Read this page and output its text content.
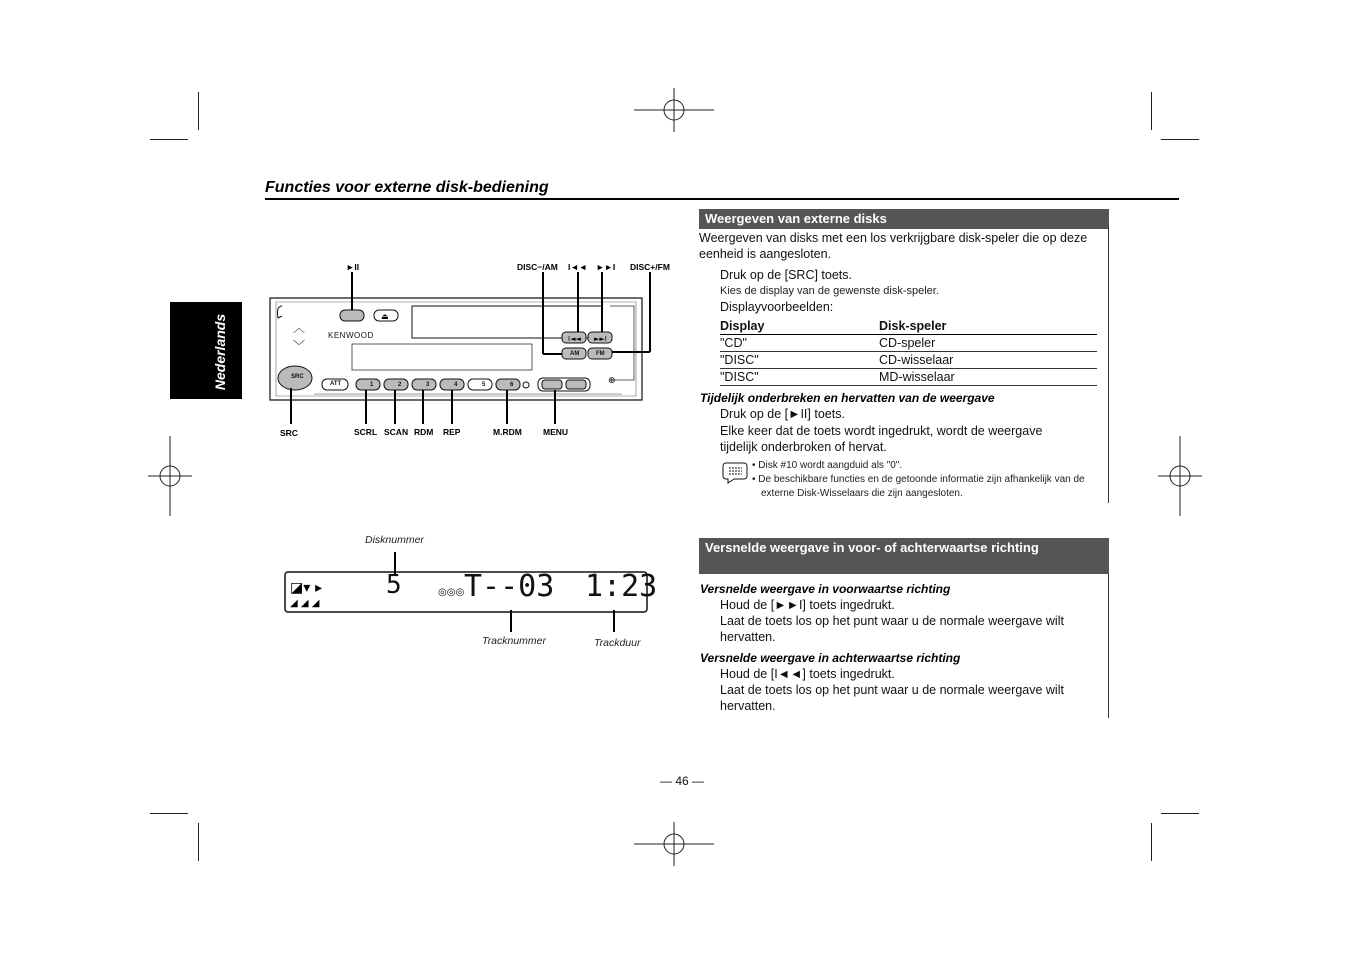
Functies voor externe disk-bediening
Nederlands
►II	DISC−/AM I◄◄ ►►I DISC+/FM
︿
﹀
⏏
I◄◄ ►►I
⊕
KENWOOD
SRC
ATT
AM	FM
1	2	3	4	5	6
SRC	SCRL SCAN RDM REP	M.RDM MENU
Disknummer
◪▾ ▸
◢ ◢ ◢
◎◎◎
5 T--03 1:23
Tracknummer	Trackduur
Weergeven van externe disks
Weergeven van disks met een los verkrijgbare disk-speler die op deze eenheid is aangesloten.
Druk op de [SRC] toets.
Kies de display van de gewenste disk-speler.
Displayvoorbeelden:
Display	Disk-speler
"CD"	CD-speler
"DISC"	CD-wisselaar
"DISC"	MD-wisselaar
Tijdelijk onderbreken en hervatten van de weergave
Druk op de [►II] toets.
Elke keer dat de toets wordt ingedrukt, wordt de weergave tijdelijk onderbroken of hervat.
• Disk #10 wordt aangduid als "0".
• De beschikbare functies en de getoonde informatie zijn afhankelijk van de externe Disk-Wisselaars die zijn aangesloten.
Versnelde weergave in voor- of achterwaartse richting
Versnelde weergave in voorwaartse richting
Houd de [►►I] toets ingedrukt.
Laat de toets los op het punt waar u de normale weergave wilt hervatten.
Versnelde weergave in achterwaartse richting
Houd de [I◄◄] toets ingedrukt.
Laat de toets los op het punt waar u de normale weergave wilt hervatten.
— 46 —
